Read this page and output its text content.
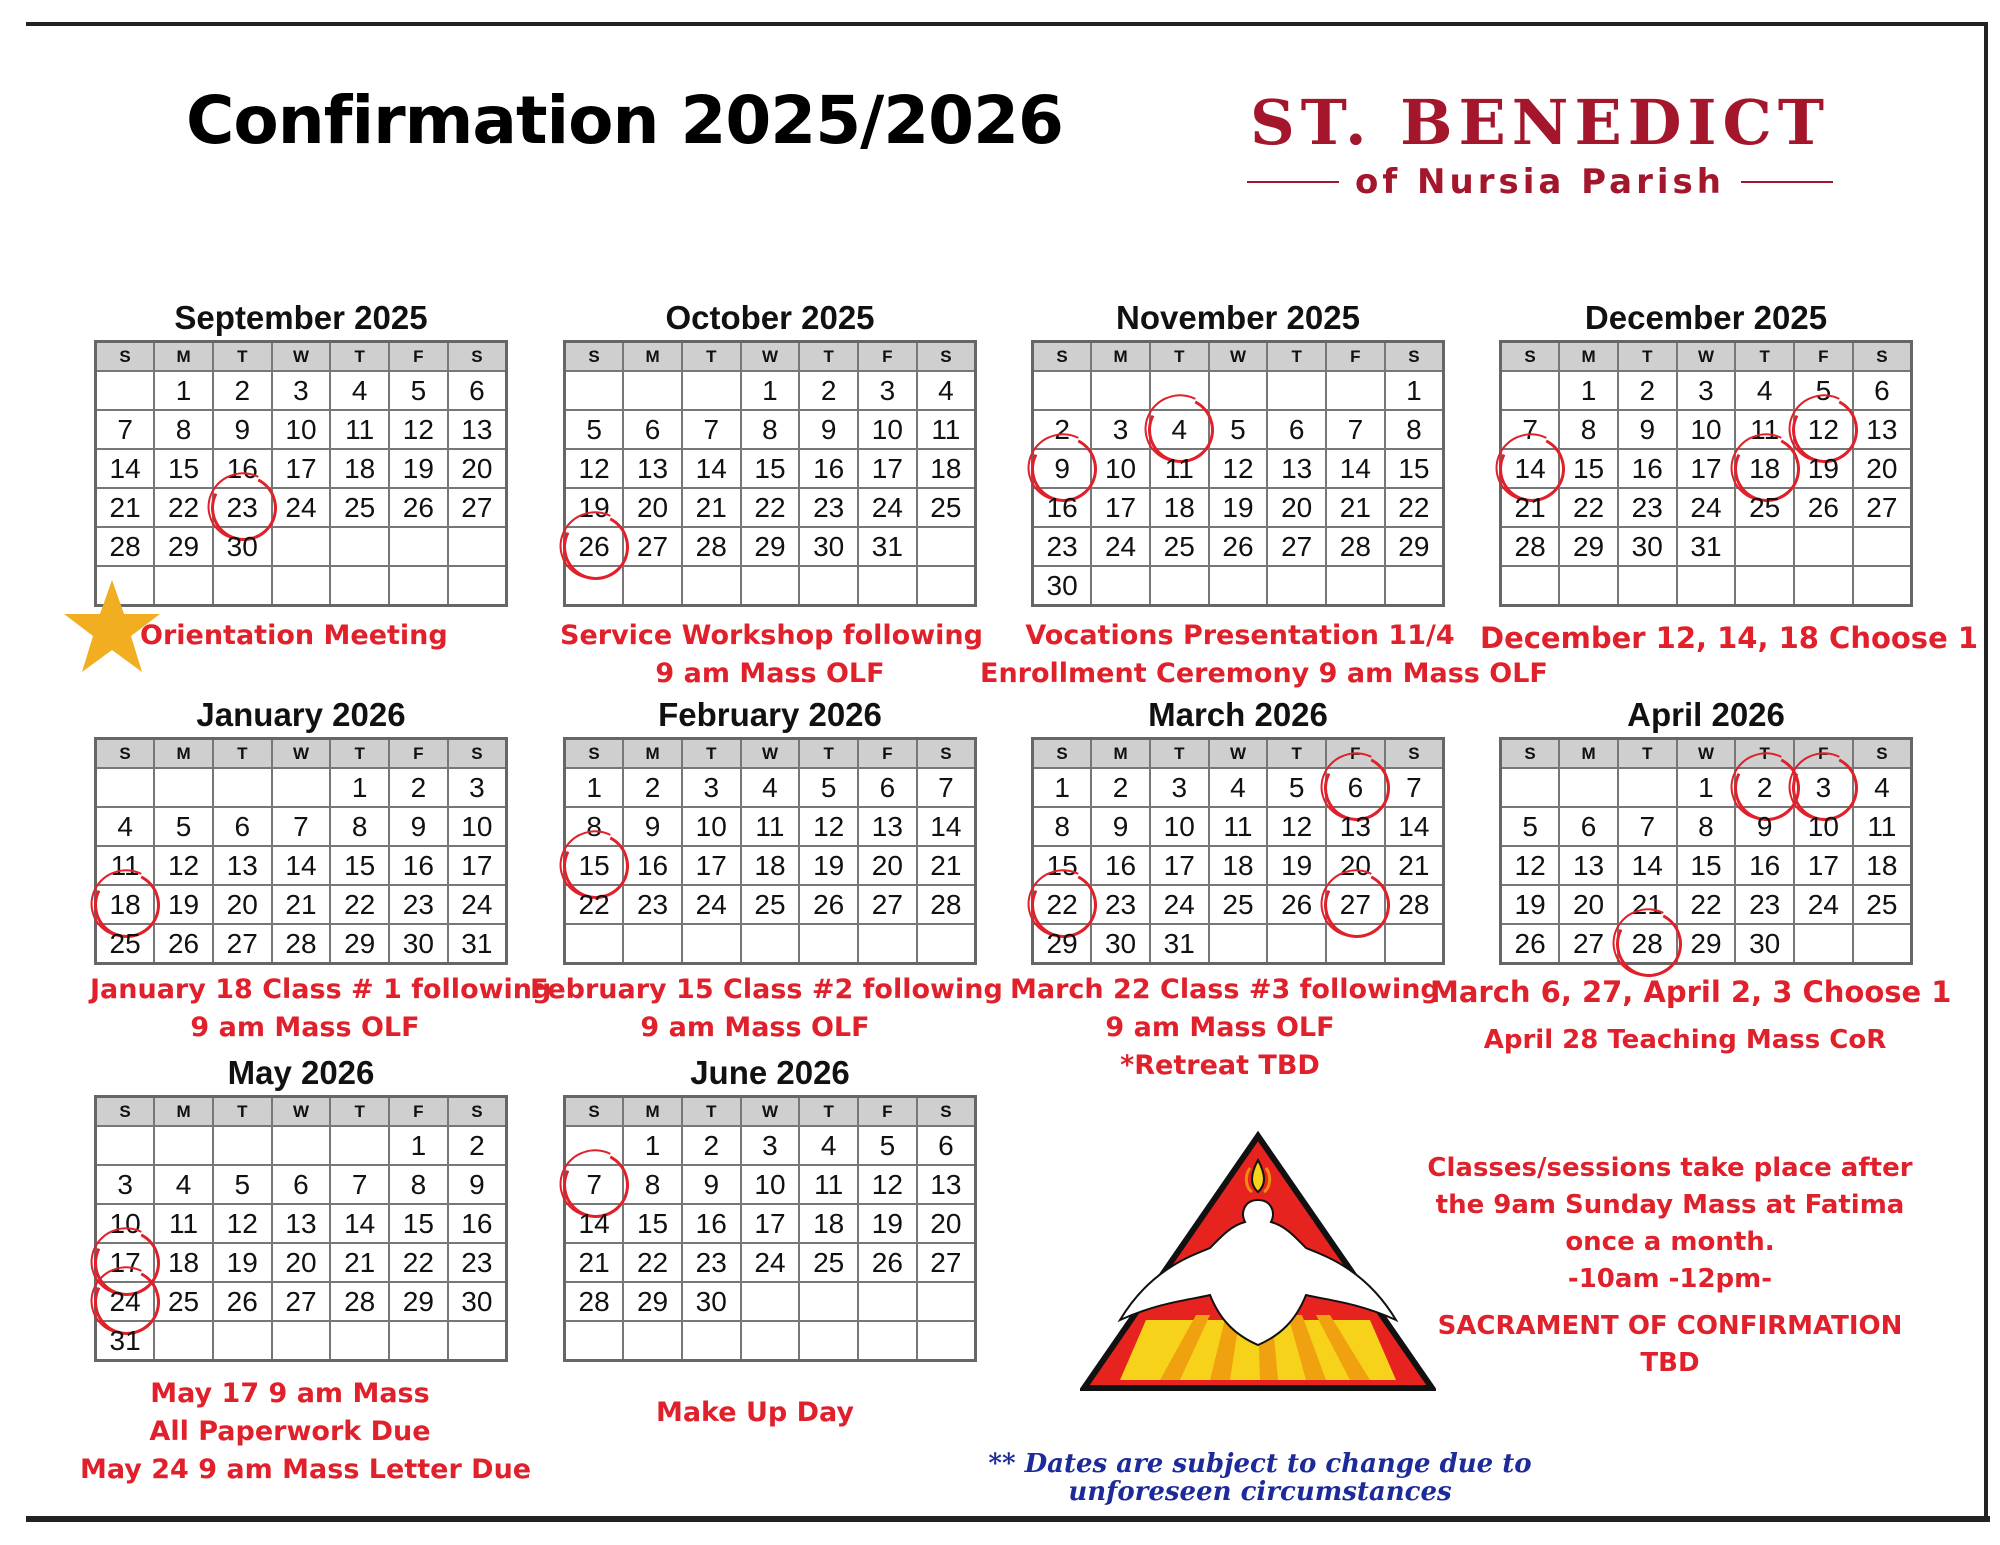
Confirmation 2025/2026	ST. BENEDICT
of Nursia Parish
September 2025
S	M	T	W	T	F	S
	1	2	3	4	5	6
7	8	9	10	11	12	13
14	15	16	17	18	19	20
21	22	23	24	25	26	27
28	29	30				

October 2025
S	M	T	W	T	F	S
			1	2	3	4
5	6	7	8	9	10	11
12	13	14	15	16	17	18
19	20	21	22	23	24	25
26	27	28	29	30	31	

November 2025
S	M	T	W	T	F	S
						1
2	3	4	5	6	7	8
9	10	11	12	13	14	15
16	17	18	19	20	21	22
23	24	25	26	27	28	29
30						
December 2025
S	M	T	W	T	F	S
	1	2	3	4	5	6
7	8	9	10	11	12	13
14	15	16	17	18	19	20
21	22	23	24	25	26	27
28	29	30	31			

January 2026
S	M	T	W	T	F	S
				1	2	3
4	5	6	7	8	9	10
11	12	13	14	15	16	17
18	19	20	21	22	23	24
25	26	27	28	29	30	31
February 2026
S	M	T	W	T	F	S
1	2	3	4	5	6	7
8	9	10	11	12	13	14
15	16	17	18	19	20	21
22	23	24	25	26	27	28

March 2026
S	M	T	W	T	F	S
1	2	3	4	5	6	7
8	9	10	11	12	13	14
15	16	17	18	19	20	21
22	23	24	25	26	27	28
29	30	31				
April 2026
S	M	T	W	T	F	S
			1	2	3	4
5	6	7	8	9	10	11
12	13	14	15	16	17	18
19	20	21	22	23	24	25
26	27	28	29	30		
May 2026
S	M	T	W	T	F	S
					1	2
3	4	5	6	7	8	9
10	11	12	13	14	15	16
17	18	19	20	21	22	23
24	25	26	27	28	29	30
31						
June 2026
S	M	T	W	T	F	S
	1	2	3	4	5	6
7	8	9	10	11	12	13
14	15	16	17	18	19	20
21	22	23	24	25	26	27
28	29	30				

Orientation Meeting	Service Workshop following
9 am Mass OLF
Vocations Presentation 11/4
Enrollment Ceremony 9 am Mass OLF
December 12, 14, 18 Choose 1
January 18 Class # 1 following
9 am Mass OLF
February 15 Class #2 following
9 am Mass OLF
March 22 Class #3 following
9 am Mass OLF
*Retreat TBD
March 6, 27, April 2, 3 Choose 1
April 28 Teaching Mass CoR
May 17 9 am Mass
All Paperwork Due
May 24 9 am Mass Letter Due
Make Up Day
Classes/sessions take place after
the 9am Sunday Mass at Fatima
once a month.
-10am -12pm-
SACRAMENT OF CONFIRMATION
TBD
** Dates are subject to change due to
unforeseen circumstances
